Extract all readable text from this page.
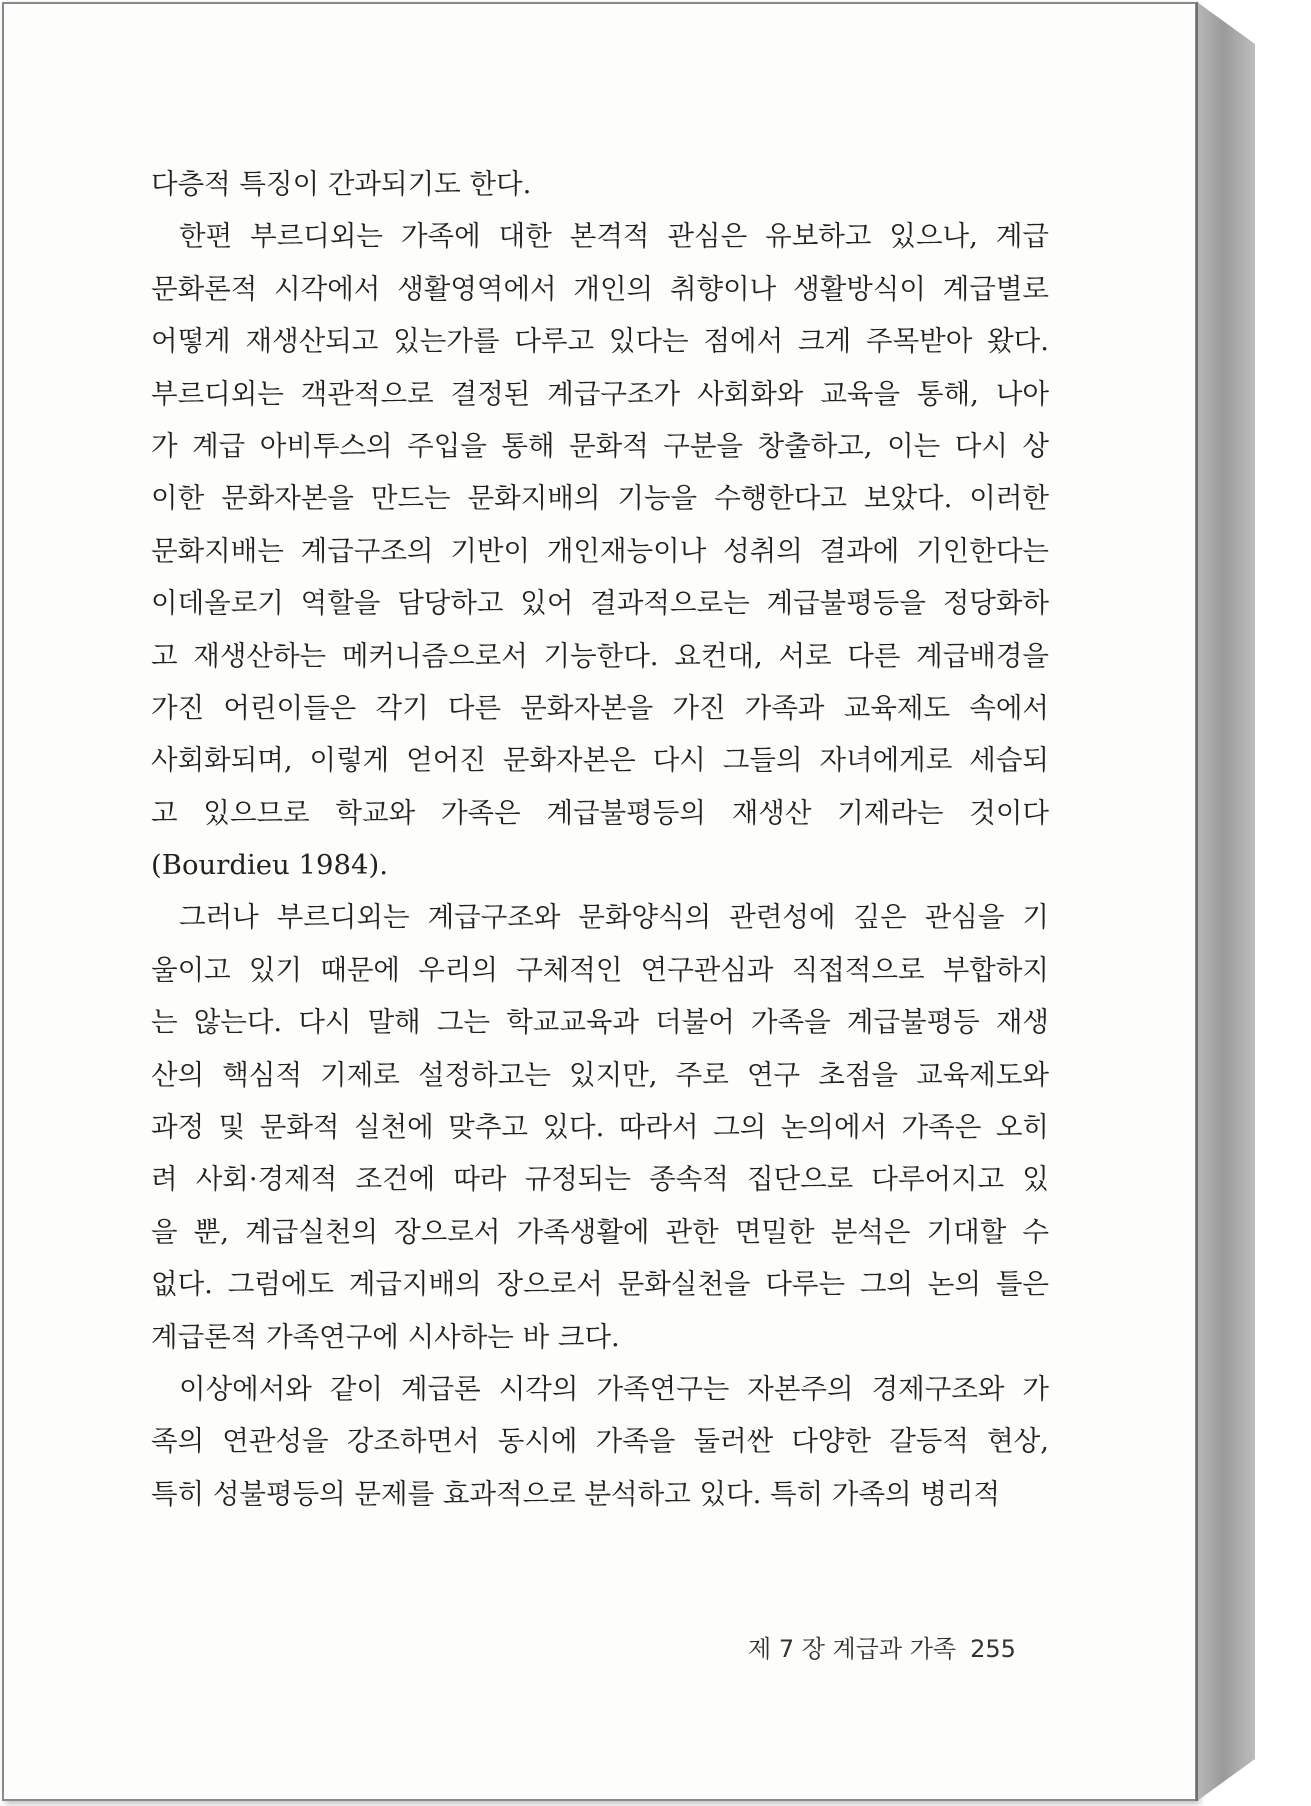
다층적 특징이 간과되기도 한다.
한편 부르디외는 가족에 대한 본격적 관심은 유보하고 있으나, 계급
문화론적 시각에서 생활영역에서 개인의 취향이나 생활방식이 계급별로
어떻게 재생산되고 있는가를 다루고 있다는 점에서 크게 주목받아 왔다.
부르디외는 객관적으로 결정된 계급구조가 사회화와 교육을 통해, 나아
가 계급 아비투스의 주입을 통해 문화적 구분을 창출하고, 이는 다시 상
이한 문화자본을 만드는 문화지배의 기능을 수행한다고 보았다. 이러한
문화지배는 계급구조의 기반이 개인재능이나 성취의 결과에 기인한다는
이데올로기 역할을 담당하고 있어 결과적으로는 계급불평등을 정당화하
고 재생산하는 메커니즘으로서 기능한다. 요컨대, 서로 다른 계급배경을
가진 어린이들은 각기 다른 문화자본을 가진 가족과 교육제도 속에서
사회화되며, 이렇게 얻어진 문화자본은 다시 그들의 자녀에게로 세습되
고 있으므로 학교와 가족은 계급불평등의 재생산 기제라는 것이다
(Bourdieu 1984).
그러나 부르디외는 계급구조와 문화양식의 관련성에 깊은 관심을 기
울이고 있기 때문에 우리의 구체적인 연구관심과 직접적으로 부합하지
는 않는다. 다시 말해 그는 학교교육과 더불어 가족을 계급불평등 재생
산의 핵심적 기제로 설정하고는 있지만, 주로 연구 초점을 교육제도와
과정 및 문화적 실천에 맞추고 있다. 따라서 그의 논의에서 가족은 오히
려 사회·경제적 조건에 따라 규정되는 종속적 집단으로 다루어지고 있
을 뿐, 계급실천의 장으로서 가족생활에 관한 면밀한 분석은 기대할 수
없다. 그럼에도 계급지배의 장으로서 문화실천을 다루는 그의 논의 틀은
계급론적 가족연구에 시사하는 바 크다.
이상에서와 같이 계급론 시각의 가족연구는 자본주의 경제구조와 가
족의 연관성을 강조하면서 동시에 가족을 둘러싼 다양한 갈등적 현상,
특히 성불평등의 문제를 효과적으로 분석하고 있다. 특히 가족의 병리적
제 7 장 계급과 가족 255
